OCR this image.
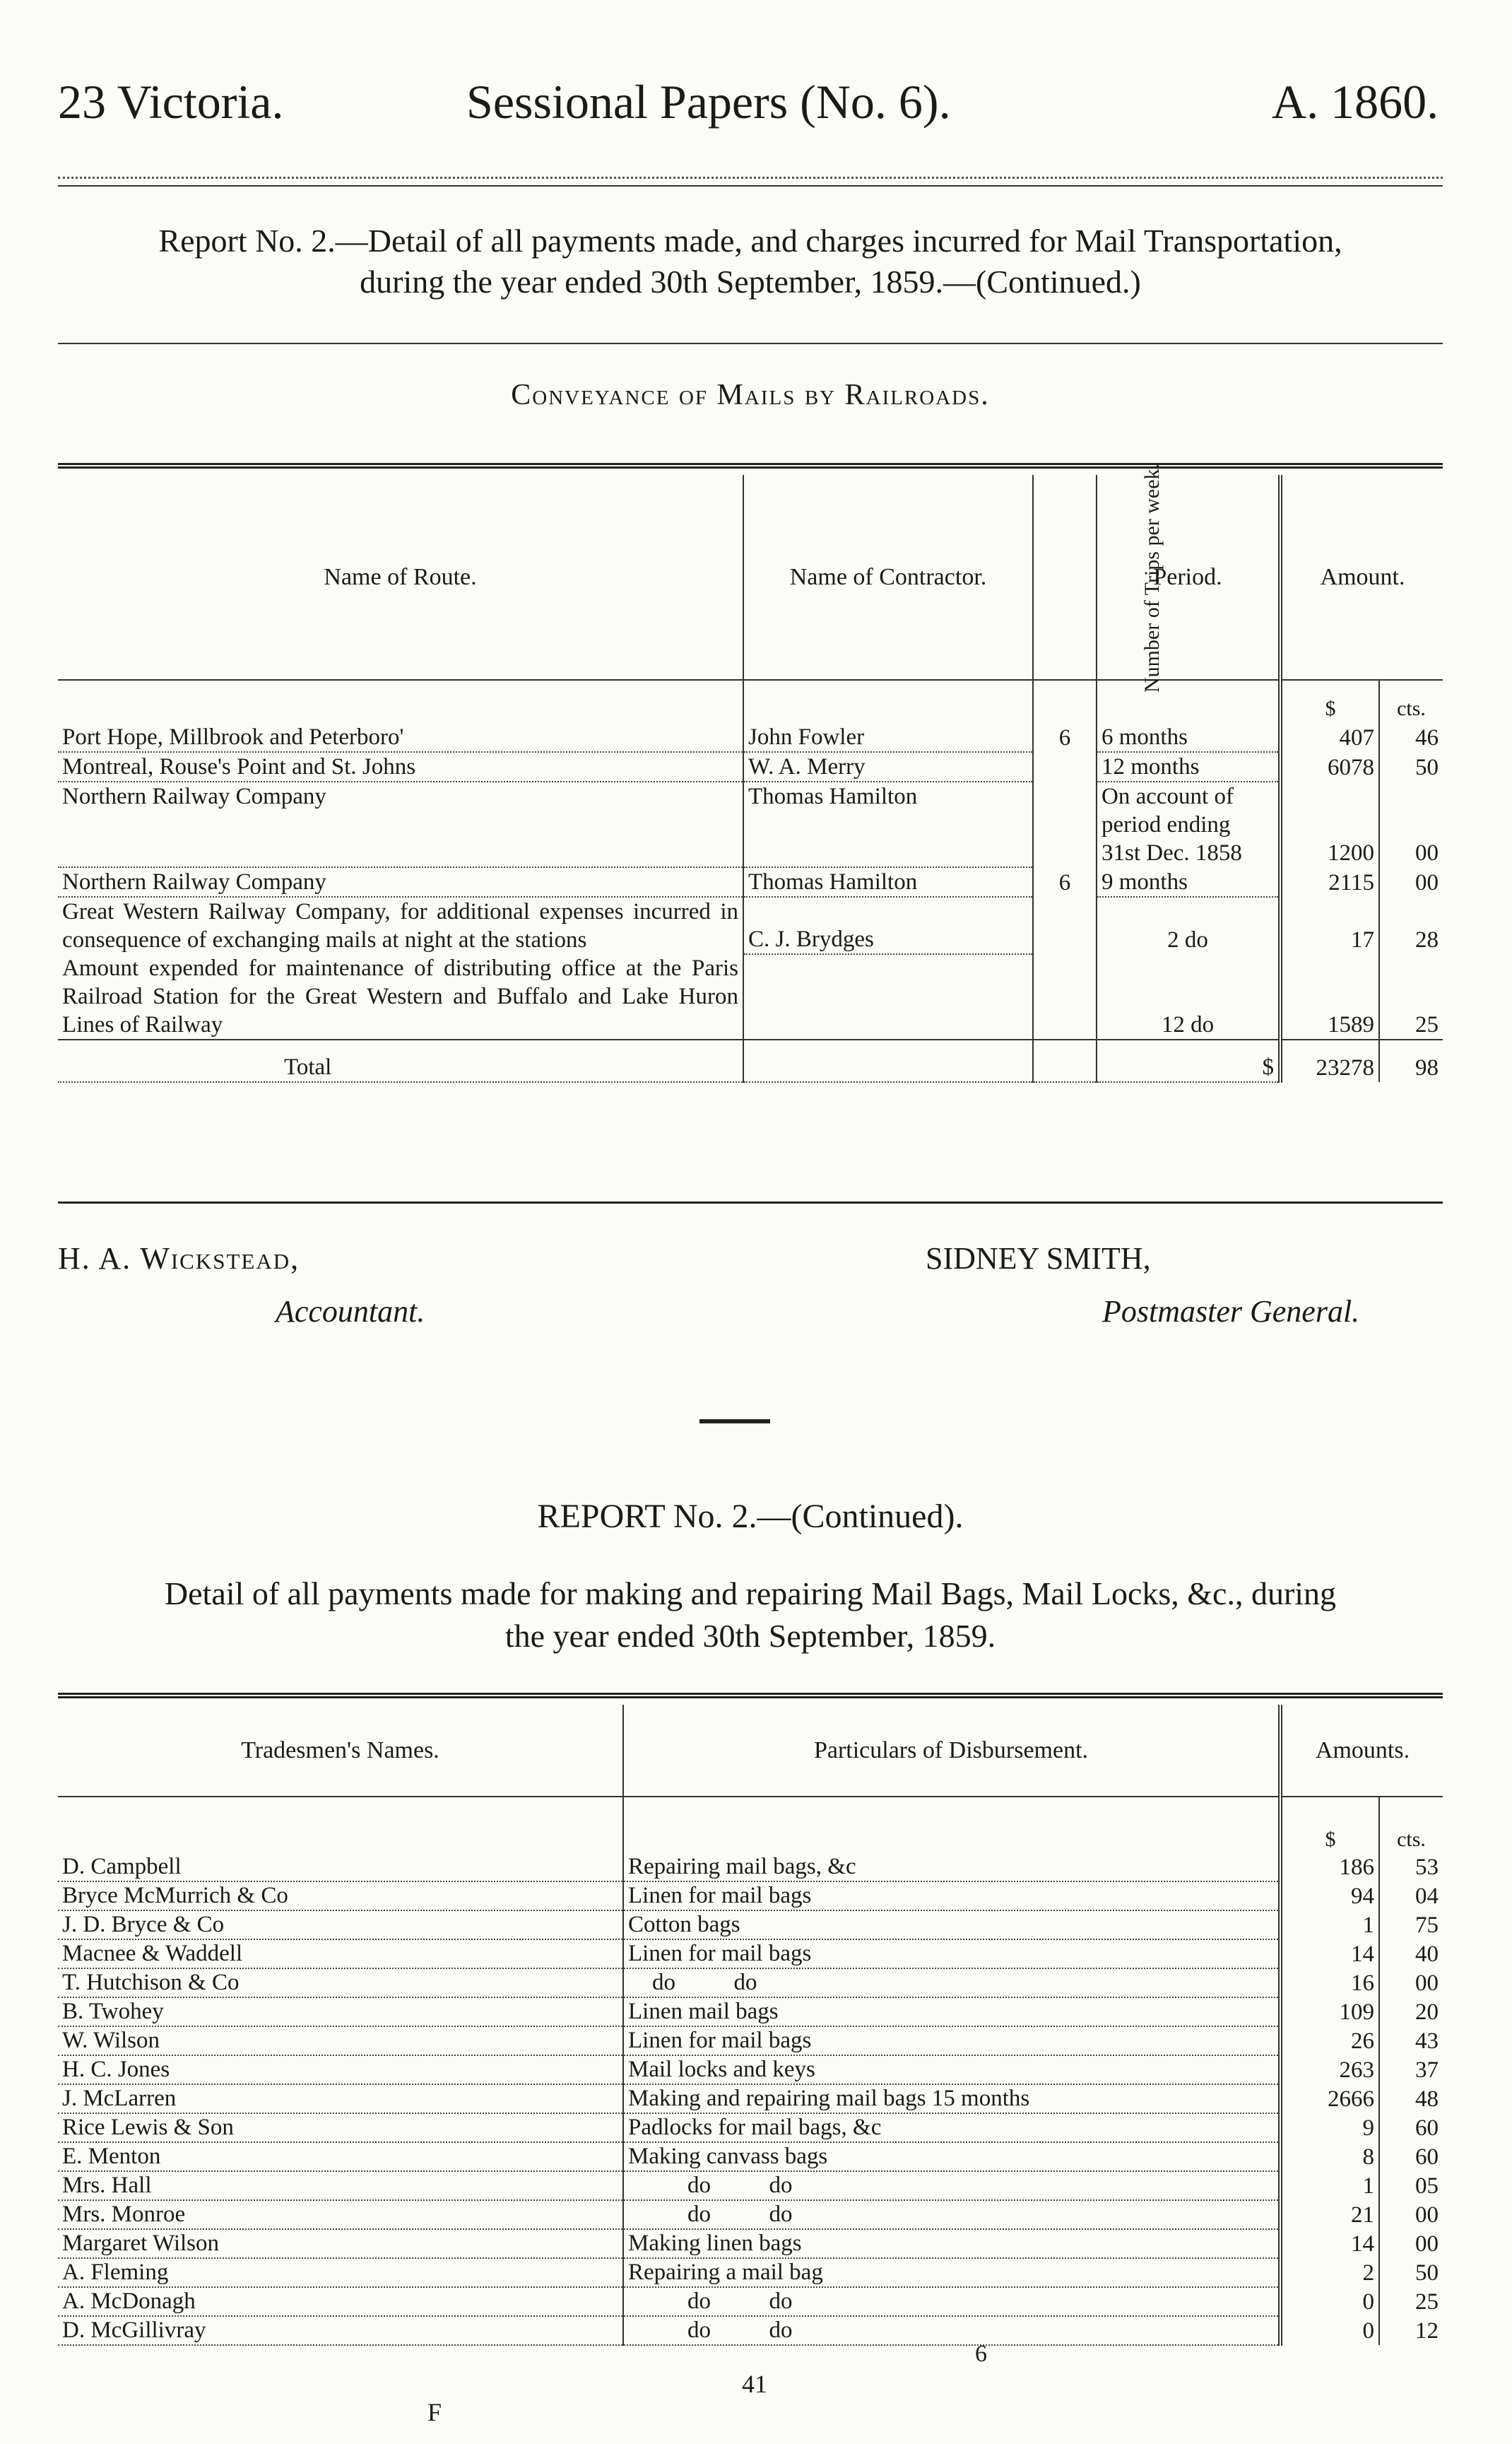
23 Victoria.	Sessional Papers (No. 6).	A. 1860.
Report No. 2.—Detail of all payments made, and charges incurred for Mail Transportation,
during the year ended 30th September, 1859.—(Continued.)
Conveyance of Mails by Railroads.
Name of Route.	Name of Contractor.	Number of Trips per week.	Period.	Amount.	
				$	cts.
Port Hope, Millbrook and Peterboro'	John Fowler	6	6 months	407	46
Montreal, Rouse's Point and St. Johns	W. A. Merry		12 months	6078	50
Northern Railway Company	Thomas Hamilton		On account of period ending 31st Dec. 1858	1200	00
Northern Railway Company	Thomas Hamilton	6	9 months	2115	00
Great Western Railway Company, for additional expenses incurred in consequence of exchanging mails at night at the stations	C. J. Brydges		2 do	17	28
Amount expended for maintenance of distributing office at the Paris Railroad Station for the Great Western and Buffalo and Lake Huron Lines of Railway			12 do	1589	25
Total			$	23278	98
H. A. Wickstead,
Accountant.
SIDNEY SMITH,
Postmaster General.
REPORT No. 2.—(Continued).
Detail of all payments made for making and repairing Mail Bags, Mail Locks, &c., during
the year ended 30th September, 1859.
Tradesmen's Names.	Particulars of Disbursement.	Amounts.	
		$	cts.
D. Campbell	Repairing mail bags, &c	186	53
Bryce McMurrich & Co	Linen for mail bags	94	04
J. D. Bryce & Co	Cotton bags	1	75
Macnee & Waddell	Linen for mail bags	14	40
T. Hutchison & Co	do          do	16	00
B. Twohey	Linen mail bags	109	20
W. Wilson	Linen for mail bags	26	43
H. C. Jones	Mail locks and keys	263	37
J. McLarren	Making and repairing mail bags 15 months	2666	48
Rice Lewis & Son	Padlocks for mail bags, &c	9	60
E. Menton	Making canvass bags	8	60
Mrs. Hall	do          do	1	05
Mrs. Monroe	do          do	21	00
Margaret Wilson	Making linen bags	14	00
A. Fleming	Repairing a mail bag	2	50
A. McDonagh	do          do	0	25
D. McGillivray	do          do	0	12
6
41
F
